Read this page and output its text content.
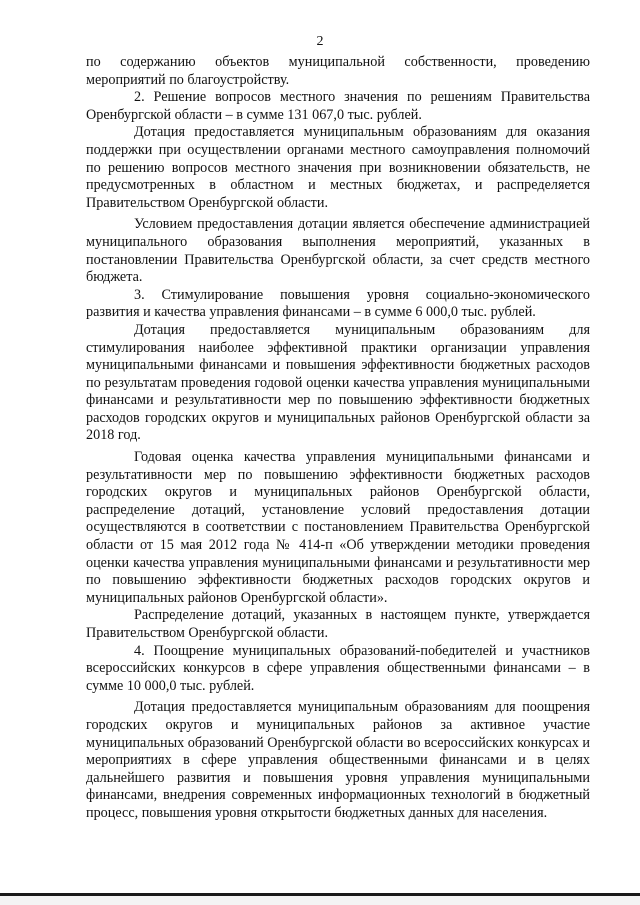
2

по содержанию объектов муниципальной собственности, проведению мероприятий по благоустройству.

2. Решение вопросов местного значения по решениям Правительства Оренбургской области – в сумме 131 067,0 тыс. рублей.

Дотация предоставляется муниципальным образованиям для оказания поддержки при осуществлении органами местного самоуправления полномочий по решению вопросов местного значения при возникновении обязательств, не предусмотренных в областном и местных бюджетах, и распределяется Правительством Оренбургской области.

Условием предоставления дотации является обеспечение администрацией муниципального образования выполнения мероприятий, указанных в постановлении Правительства Оренбургской области, за счет средств местного бюджета.

3. Стимулирование повышения уровня социально-экономического развития и качества управления финансами – в сумме 6 000,0 тыс. рублей.

Дотация предоставляется муниципальным образованиям для стимулирования наиболее эффективной практики организации управления муниципальными финансами и повышения эффективности бюджетных расходов по результатам проведения годовой оценки качества управления муниципальными финансами и результативности мер по повышению эффективности бюджетных расходов городских округов и муниципальных районов Оренбургской области за 2018 год.

Годовая оценка качества управления муниципальными финансами и результативности мер по повышению эффективности бюджетных расходов городских округов и муниципальных районов Оренбургской области, распределение дотаций, установление условий предоставления дотации осуществляются в соответствии с постановлением Правительства Оренбургской области от 15 мая 2012 года № 414-п «Об утверждении методики проведения оценки качества управления муниципальными финансами и результативности мер по повышению эффективности бюджетных расходов городских округов и муниципальных районов Оренбургской области».

Распределение дотаций, указанных в настоящем пункте, утверждается Правительством Оренбургской области.

4. Поощрение муниципальных образований-победителей и участников всероссийских конкурсов в сфере управления общественными финансами – в сумме 10 000,0 тыс. рублей.

Дотация предоставляется муниципальным образованиям для поощрения городских округов и муниципальных районов за активное участие муниципальных образований Оренбургской области во всероссийских конкурсах и мероприятиях в сфере управления общественными финансами и в целях дальнейшего развития и повышения уровня управления муниципальными финансами, внедрения современных информационных технологий в бюджетный процесс, повышения уровня открытости бюджетных данных для населения.
